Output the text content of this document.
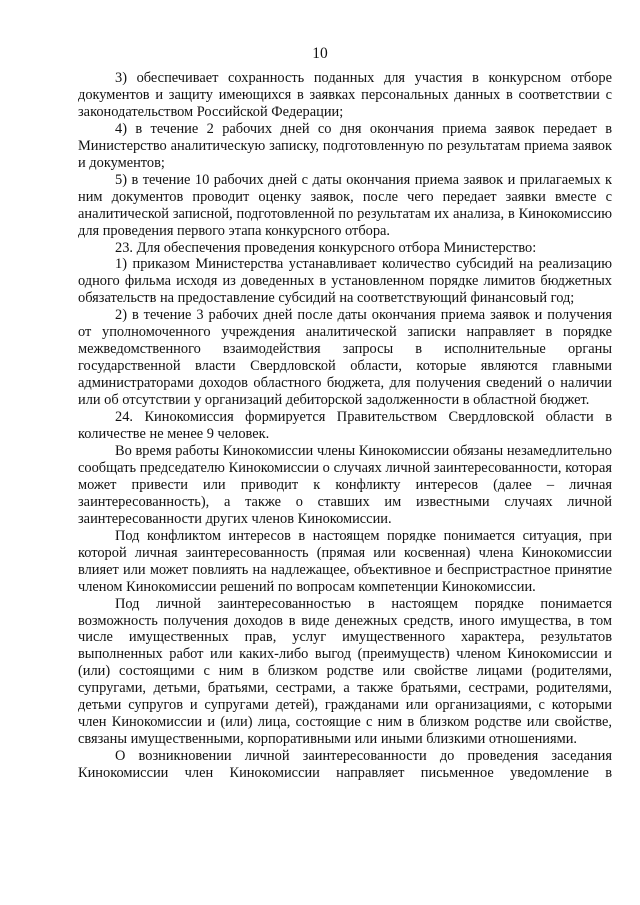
10

3) обеспечивает сохранность поданных для участия в конкурсном отборе документов и защиту имеющихся в заявках персональных данных в соответствии с законодательством Российской Федерации;

4) в течение 2 рабочих дней со дня окончания приема заявок передает в Министерство аналитическую записку, подготовленную по результатам приема заявок и документов;

5) в течение 10 рабочих дней с даты окончания приема заявок и прилагаемых к ним документов проводит оценку заявок, после чего передает заявки вместе с аналитической записной, подготовленной по результатам их анализа, в Кинокомиссию для проведения первого этапа конкурсного отбора.

23. Для обеспечения проведения конкурсного отбора Министерство:

1) приказом Министерства устанавливает количество субсидий на реализацию одного фильма исходя из доведенных в установленном порядке лимитов бюджетных обязательств на предоставление субсидий на соответствующий финансовый год;

2) в течение 3 рабочих дней после даты окончания приема заявок и получения от уполномоченного учреждения аналитической записки направляет в порядке межведомственного взаимодействия запросы в исполнительные органы государственной власти Свердловской области, которые являются главными администраторами доходов областного бюджета, для получения сведений о наличии или об отсутствии у организаций дебиторской задолженности в областной бюджет.

24. Кинокомиссия формируется Правительством Свердловской области в количестве не менее 9 человек.

Во время работы Кинокомиссии члены Кинокомиссии обязаны незамедлительно сообщать председателю Кинокомиссии о случаях личной заинтересованности, которая может привести или приводит к конфликту интересов (далее – личная заинтересованность), а также о ставших им известными случаях личной заинтересованности других членов Кинокомиссии.

Под конфликтом интересов в настоящем порядке понимается ситуация, при которой личная заинтересованность (прямая или косвенная) члена Кинокомиссии влияет или может повлиять на надлежащее, объективное и беспристрастное принятие членом Кинокомиссии решений по вопросам компетенции Кинокомиссии.

Под личной заинтересованностью в настоящем порядке понимается возможность получения доходов в виде денежных средств, иного имущества, в том числе имущественных прав, услуг имущественного характера, результатов выполненных работ или каких-либо выгод (преимуществ) членом Кинокомиссии и (или) состоящими с ним в близком родстве или свойстве лицами (родителями, супругами, детьми, братьями, сестрами, а также братьями, сестрами, родителями, детьми супругов и супругами детей), гражданами или организациями, с которыми член Кинокомиссии и (или) лица, состоящие с ним в близком родстве или свойстве, связаны имущественными, корпоративными или иными близкими отношениями.

О возникновении личной заинтересованности до проведения заседания Кинокомиссии член Кинокомиссии направляет письменное уведомление в
